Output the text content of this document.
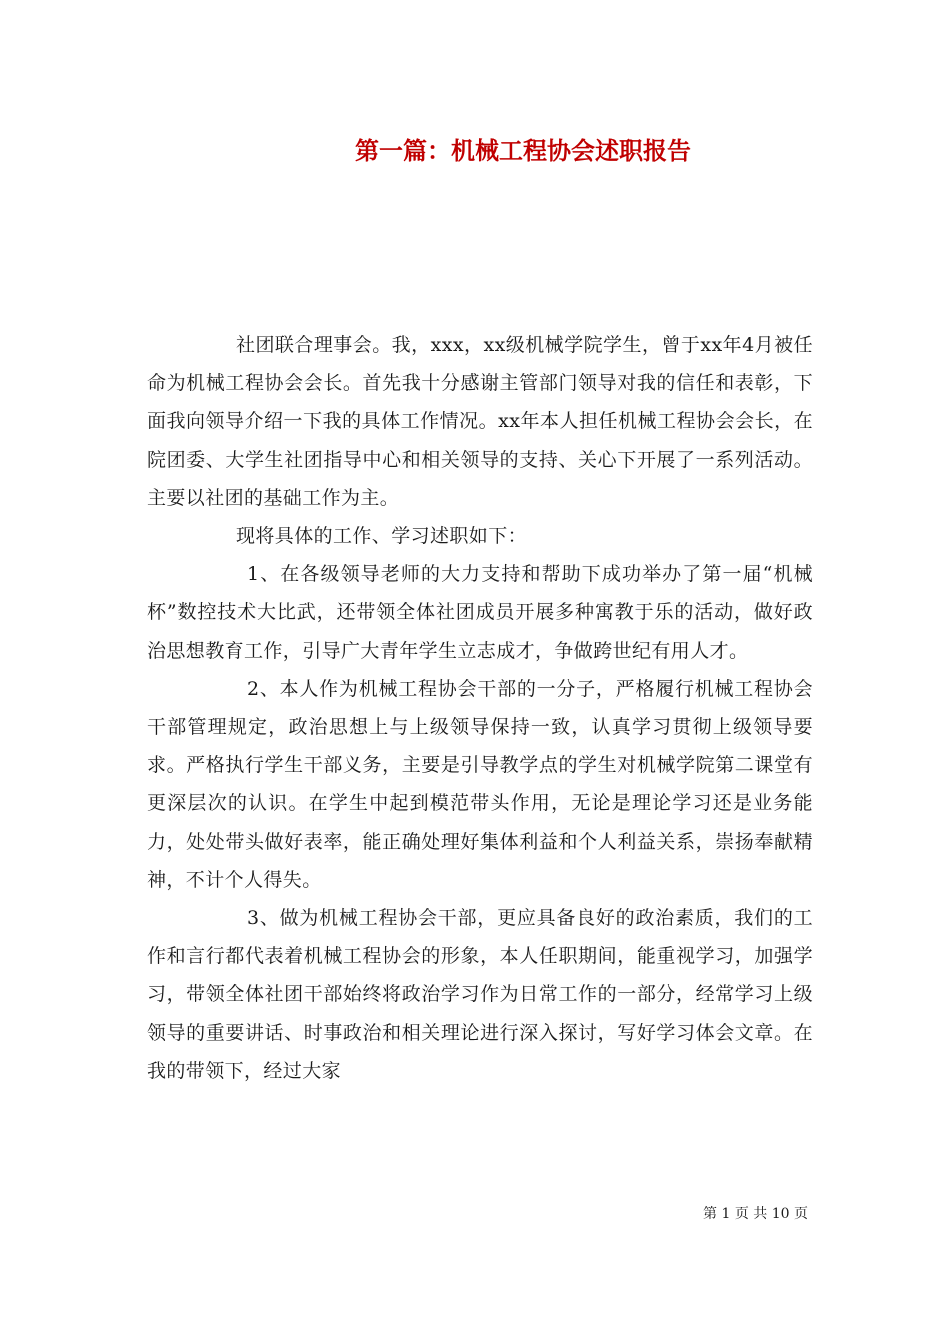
第一篇：机械工程协会述职报告

社团联合理事会。我，xxx，xx级机械学院学生，曾于xx年4月被任命为机械工程协会会长。首先我十分感谢主管部门领导对我的信任和表彰，下面我向领导介绍一下我的具体工作情况。xx年本人担任机械工程协会会长，在院团委、大学生社团指导中心和相关领导的支持、关心下开展了一系列活动。主要以社团的基础工作为主。

现将具体的工作、学习述职如下：

1、在各级领导老师的大力支持和帮助下成功举办了第一届“机械杯”数控技术大比武，还带领全体社团成员开展多种寓教于乐的活动，做好政治思想教育工作，引导广大青年学生立志成才，争做跨世纪有用人才。

2、本人作为机械工程协会干部的一分子，严格履行机械工程协会干部管理规定，政治思想上与上级领导保持一致，认真学习贯彻上级领导要求。严格执行学生干部义务，主要是引导教学点的学生对机械学院第二课堂有更深层次的认识。在学生中起到模范带头作用，无论是理论学习还是业务能力，处处带头做好表率，能正确处理好集体利益和个人利益关系，崇扬奉献精神，不计个人得失。

3、做为机械工程协会干部，更应具备良好的政治素质，我们的工作和言行都代表着机械工程协会的形象，本人任职期间，能重视学习，加强学习，带领全体社团干部始终将政治学习作为日常工作的一部分，经常学习上级领导的重要讲话、时事政治和相关理论进行深入探讨，写好学习体会文章。在我的带领下，经过大家

第 1 页 共 10 页
